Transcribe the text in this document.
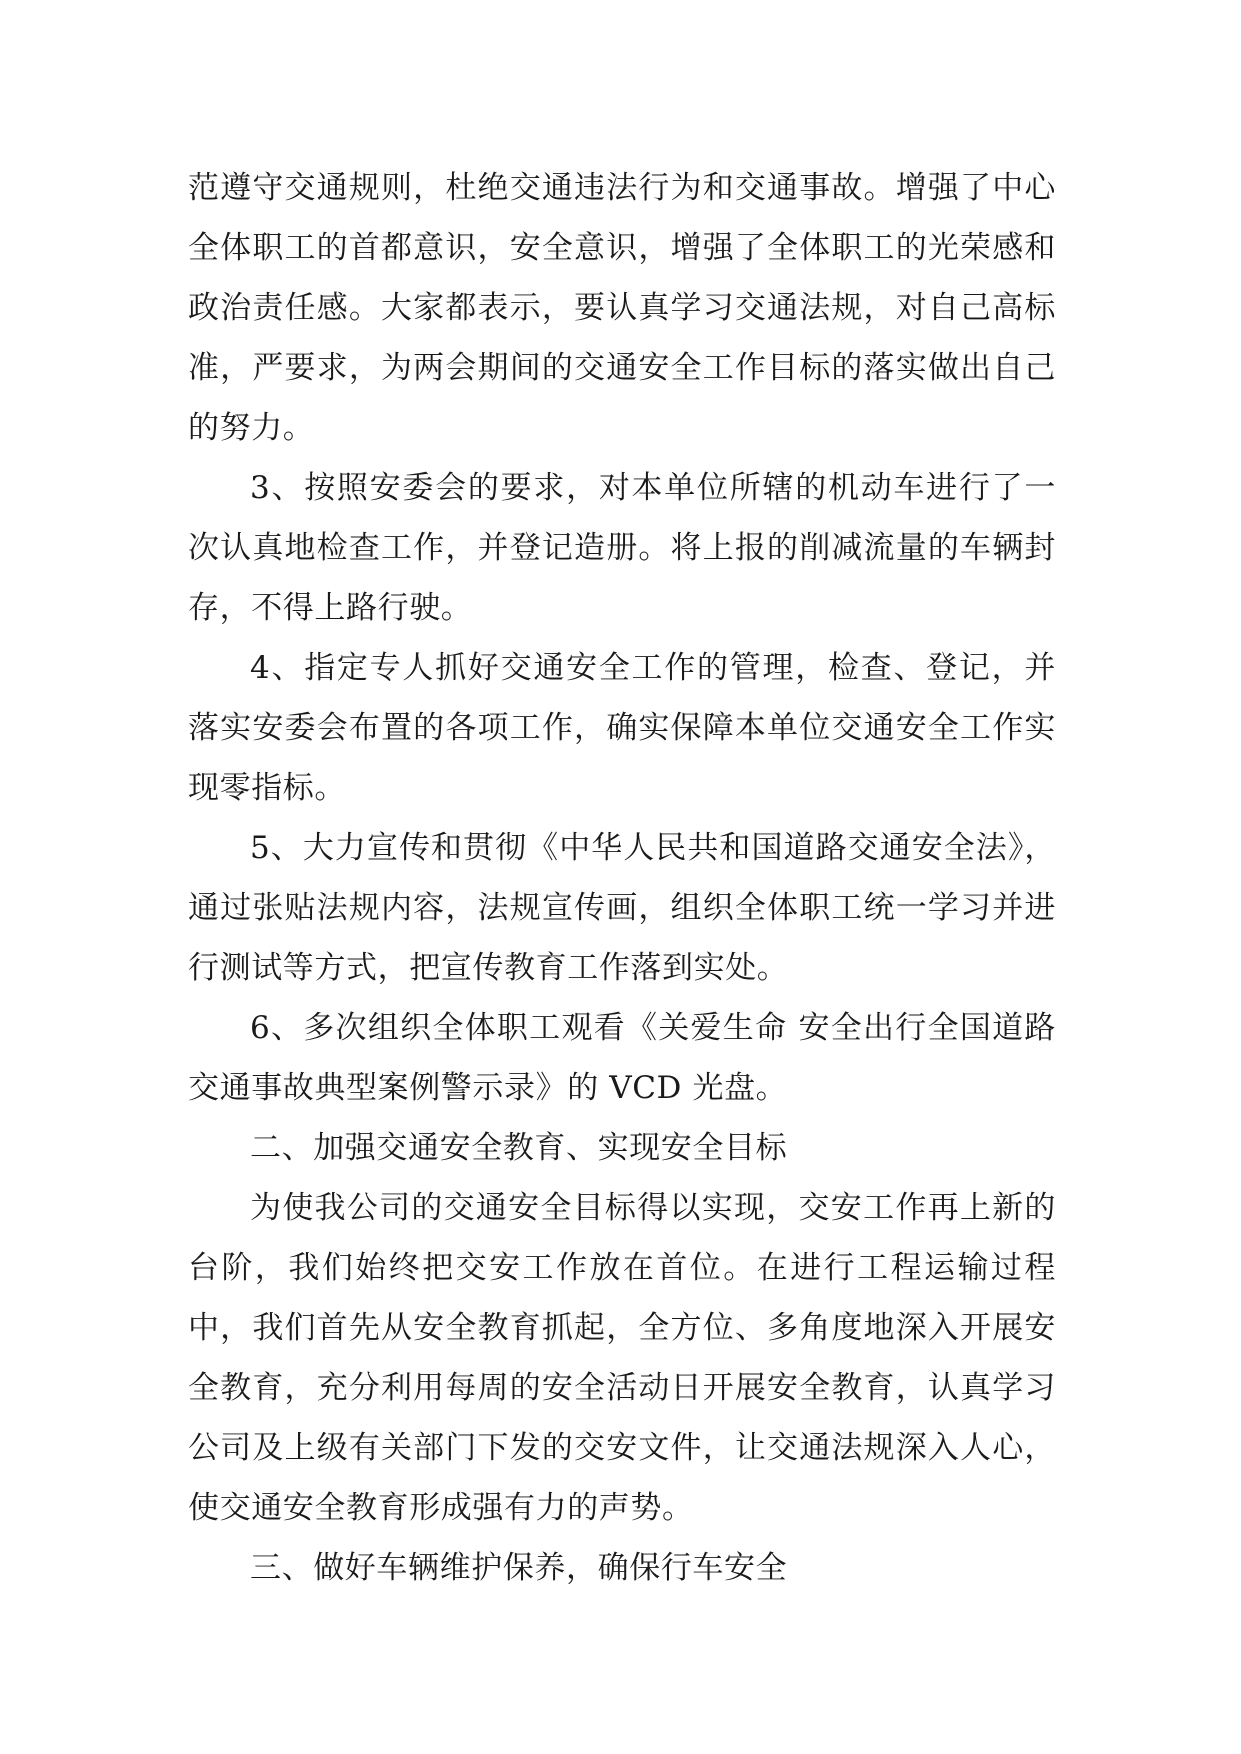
范遵守交通规则，杜绝交通违法行为和交通事故。增强了中心全体职工的首都意识，安全意识，增强了全体职工的光荣感和政治责任感。大家都表示，要认真学习交通法规，对自己高标准，严要求，为两会期间的交通安全工作目标的落实做出自己的努力。

3、按照安委会的要求，对本单位所辖的机动车进行了一次认真地检查工作，并登记造册。将上报的削减流量的车辆封存，不得上路行驶。

4、指定专人抓好交通安全工作的管理，检查、登记，并落实安委会布置的各项工作，确实保障本单位交通安全工作实现零指标。

5、大力宣传和贯彻《中华人民共和国道路交通安全法》，通过张贴法规内容，法规宣传画，组织全体职工统一学习并进行测试等方式，把宣传教育工作落到实处。

6、多次组织全体职工观看《关爱生命 安全出行全国道路交通事故典型案例警示录》的 VCD 光盘。

二、加强交通安全教育、实现安全目标

为使我公司的交通安全目标得以实现，交安工作再上新的台阶，我们始终把交安工作放在首位。在进行工程运输过程中，我们首先从安全教育抓起，全方位、多角度地深入开展安全教育，充分利用每周的安全活动日开展安全教育，认真学习公司及上级有关部门下发的交安文件，让交通法规深入人心，使交通安全教育形成强有力的声势。

三、做好车辆维护保养，确保行车安全
